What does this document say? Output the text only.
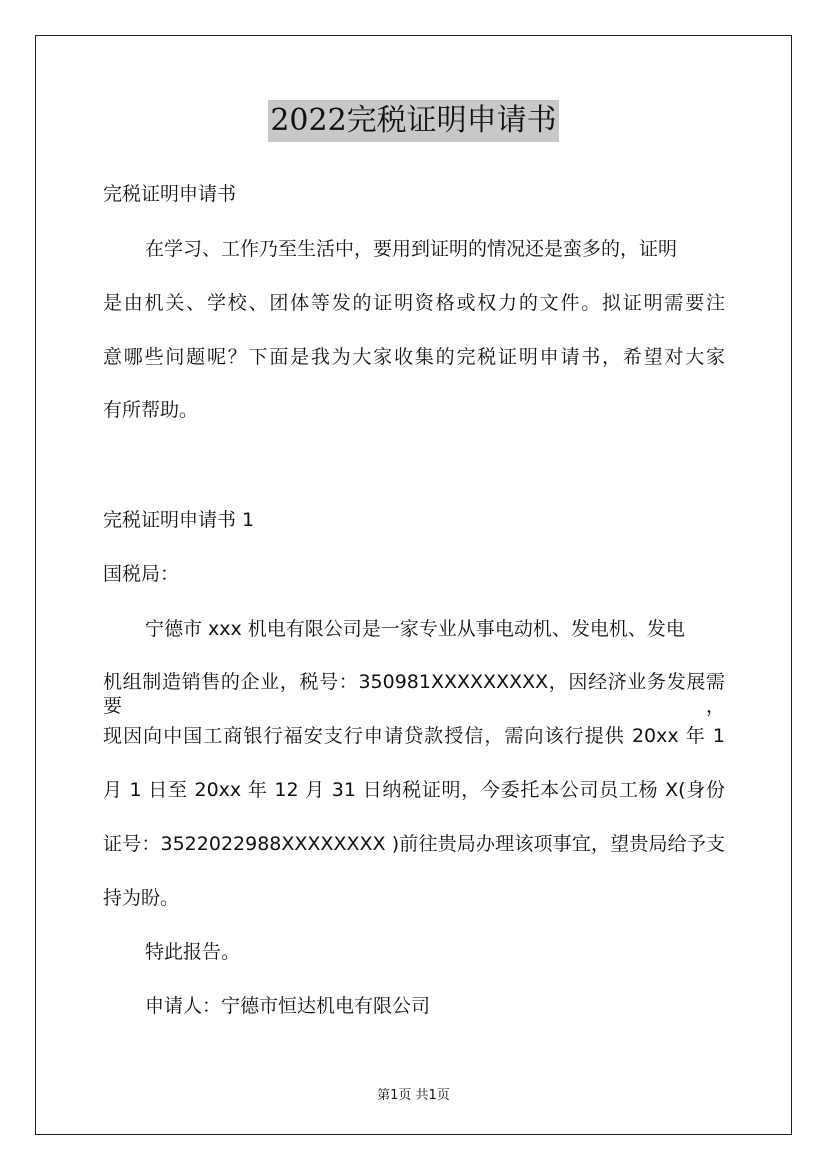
2022完税证明申请书
完税证明申请书
在学习、工作乃至生活中，要用到证明的情况还是蛮多的，证明
是由机关、学校、团体等发的证明资格或权力的文件。拟证明需要注
意哪些问题呢？下面是我为大家收集的完税证明申请书，希望对大家
有所帮助。
完税证明申请书 1
国税局：
宁德市 xxx 机电有限公司是一家专业从事电动机、发电机、发电
机组制造销售的企业，税号：350981XXXXXXXXX，因经济业务发展需要，
现因向中国工商银行福安支行申请贷款授信，需向该行提供 20xx 年 1
月 1 日至 20xx 年 12 月 31 日纳税证明，今委托本公司员工杨 X(身份
证号：3522022988XXXXXXXX )前往贵局办理该项事宜，望贵局给予支
持为盼。
特此报告。
申请人：宁德市恒达机电有限公司
第1页 共1页
